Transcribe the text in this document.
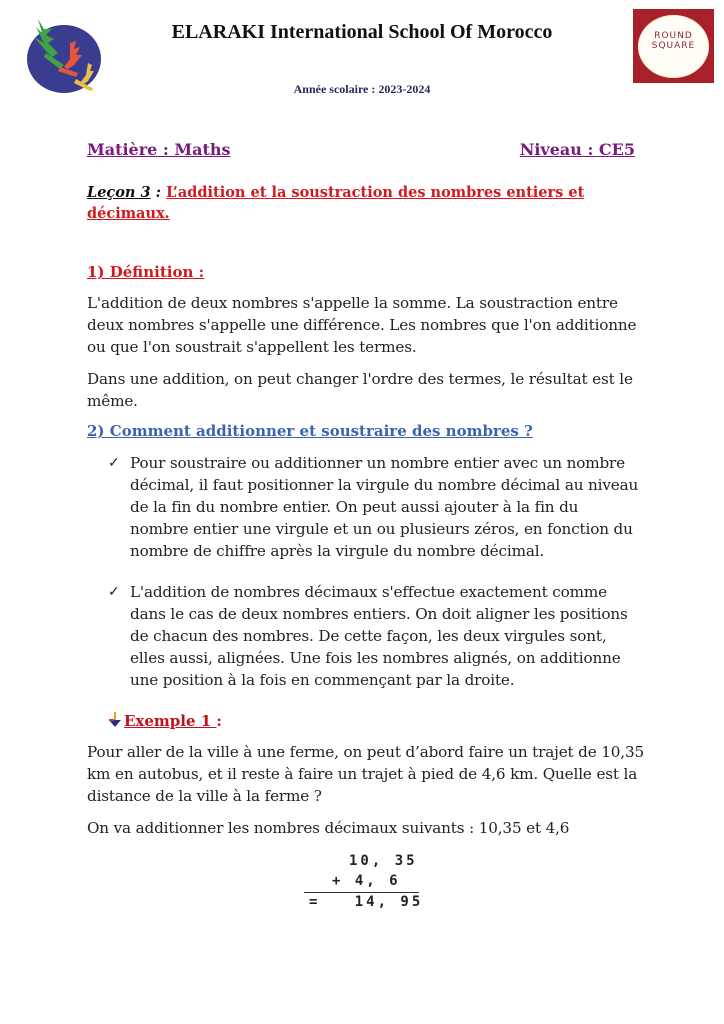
ELARAKI International School Of Morocco
Année scolaire : 2023-2024
ROUND
SQUARE
Matière : Maths	Niveau : CE5
Leçon 3 : L’addition et la soustraction des nombres entiers et décimaux.
1) Définition :
L'addition de deux nombres s'appelle la somme. La soustraction entre deux nombres s'appelle une différence. Les nombres que l'on additionne ou que l'on soustrait s'appellent les termes.
Dans une addition, on peut changer l'ordre des termes, le résultat est le même.
2) Comment additionner et soustraire des nombres ?
✓ Pour soustraire ou additionner un nombre entier avec un nombre décimal, il faut positionner la virgule du nombre décimal au niveau de la fin du nombre entier. On peut aussi ajouter à la fin du nombre entier une virgule et un ou plusieurs zéros, en fonction du nombre de chiffre après la virgule du nombre décimal.
✓ L'addition de nombres décimaux s'effectue exactement comme dans le cas de deux nombres entiers. On doit aligner les positions de chacun des nombres. De cette façon, les deux virgules sont, elles aussi, alignées. Une fois les nombres alignés, on additionne une position à la fois en commençant par la droite.
Exemple 1 :
Pour aller de la ville à une ferme, on peut d’abord faire un trajet de 10,35 km en autobus, et il reste à faire un trajet à pied de 4,6 km. Quelle est la distance de la ville à la ferme ?
On va additionner les nombres décimaux suivants : 10,35 et 4,6
10, 35
+ 4, 6
=   14, 95
